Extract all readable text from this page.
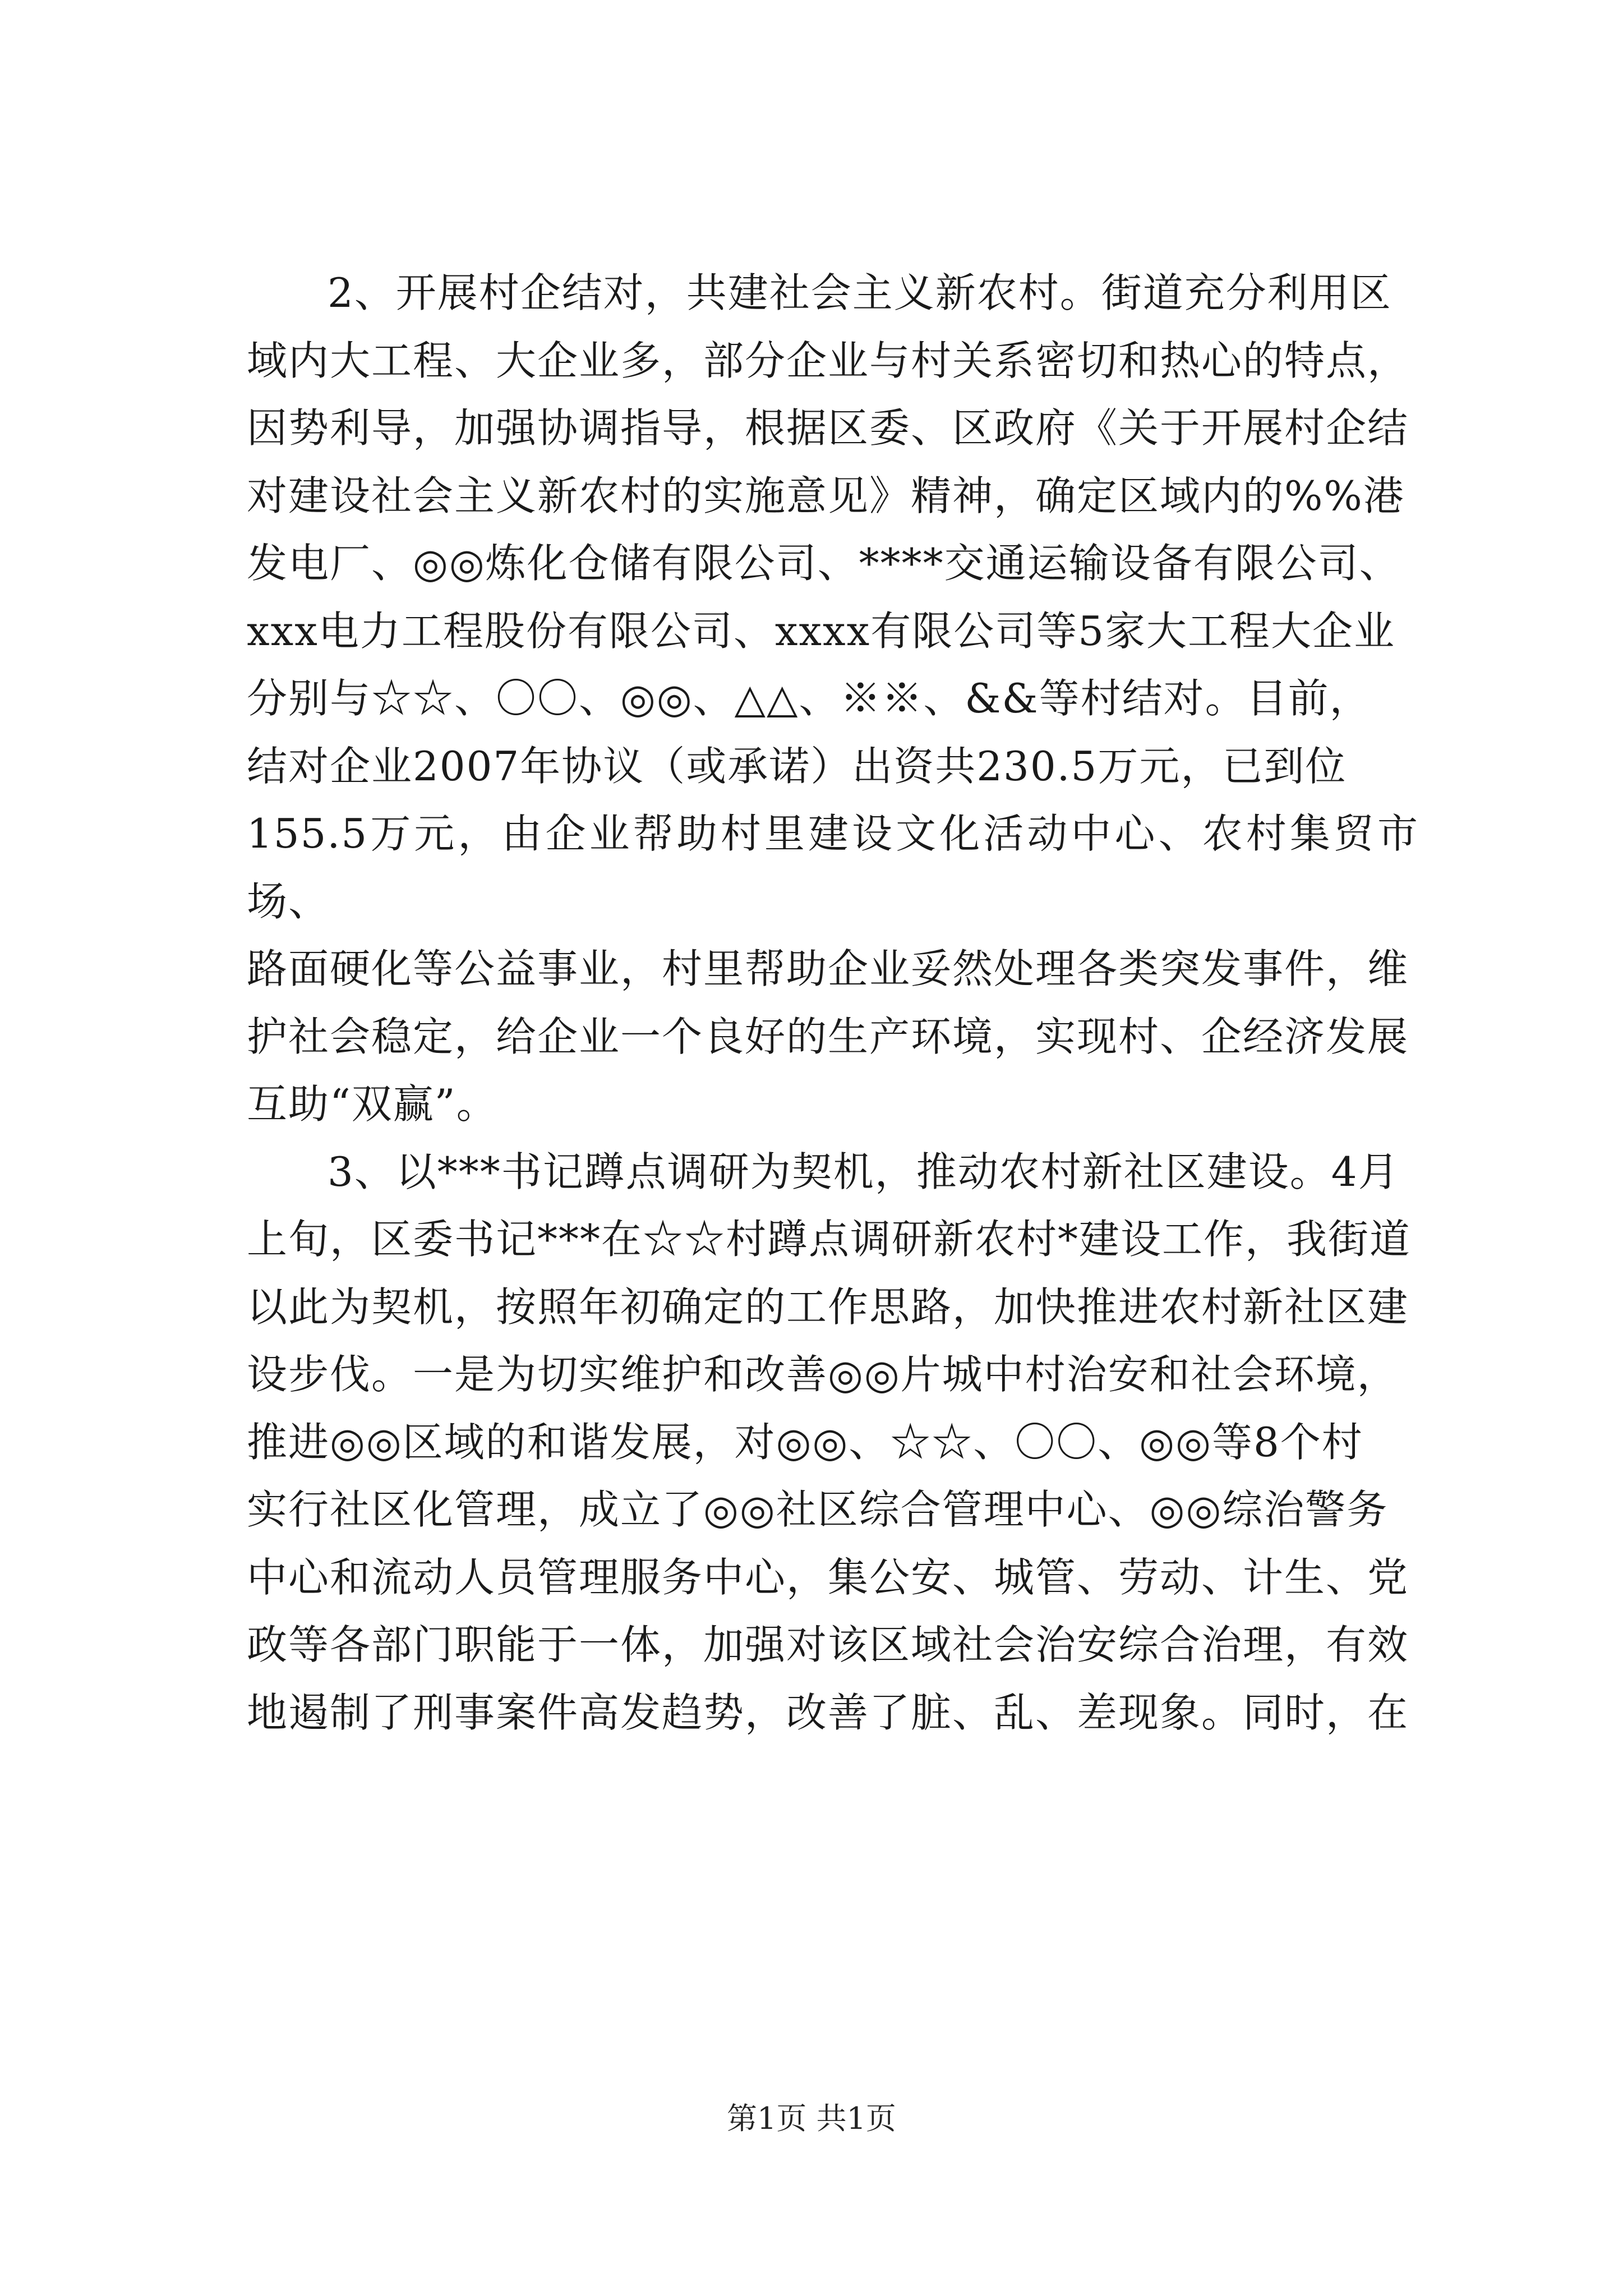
2、开展村企结对，共建社会主义新农村。街道充分利用区
域内大工程、大企业多，部分企业与村关系密切和热心的特点，
因势利导，加强协调指导，根据区委、区政府《关于开展村企结
对建设社会主义新农村的实施意见》精神，确定区域内的%%港
发电厂、◎◎炼化仓储有限公司、****交通运输设备有限公司、
xxx电力工程股份有限公司、xxxx有限公司等5家大工程大企业
分别与☆☆、〇〇、◎◎、△△、※※、&&等村结对。目前，
结对企业2007年协议（或承诺）出资共230.5万元，已到位
155.5万元，由企业帮助村里建设文化活动中心、农村集贸市场、
路面硬化等公益事业，村里帮助企业妥然处理各类突发事件，维
护社会稳定，给企业一个良好的生产环境，实现村、企经济发展
互助“双赢”。

3、以***书记蹲点调研为契机，推动农村新社区建设。4月
上旬，区委书记***在☆☆村蹲点调研新农村*建设工作，我街道
以此为契机，按照年初确定的工作思路，加快推进农村新社区建
设步伐。一是为切实维护和改善◎◎片城中村治安和社会环境，
推进◎◎区域的和谐发展，对◎◎、☆☆、〇〇、◎◎等8个村
实行社区化管理，成立了◎◎社区综合管理中心、◎◎综治警务
中心和流动人员管理服务中心，集公安、城管、劳动、计生、党
政等各部门职能于一体，加强对该区域社会治安综合治理，有效
地遏制了刑事案件高发趋势，改善了脏、乱、差现象。同时，在

第1页 共1页
